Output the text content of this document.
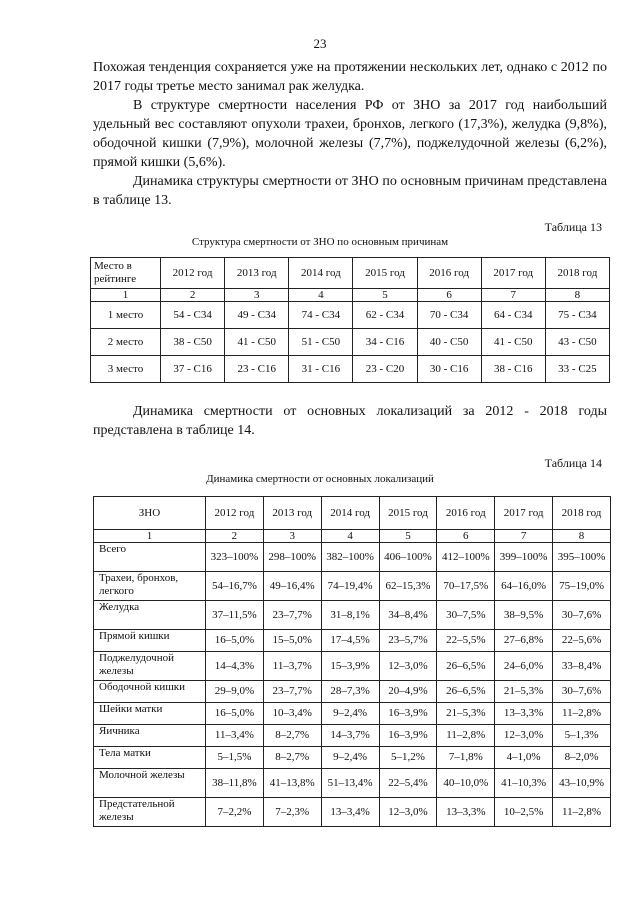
23
Похожая тенденция сохраняется уже на протяжении нескольких лет, однако с 2012 по 2017 годы третье место занимал рак желудка.
В структуре смертности населения РФ от ЗНО за 2017 год наибольший удельный вес составляют опухоли трахеи, бронхов, легкого (17,3%), желудка (9,8%), ободочной кишки (7,9%), молочной железы (7,7%), поджелудочной железы (6,2%), прямой кишки (5,6%).
Динамика структуры смертности от ЗНО по основным причинам представлена в таблице 13.
Таблица 13
Структура смертности от ЗНО по основным причинам
Место в рейтинге	2012 год	2013 год	2014 год	2015 год	2016 год	2017 год	2018 год
1	2	3	4	5	6	7	8
1 место	54 - С34	49 - С34	74 - С34	62 - С34	70 - С34	64 - С34	75 - С34
2 место	38 - С50	41 - С50	51 - С50	34 - С16	40 - С50	41 - С50	43 - С50
3 место	37 - С16	23 - С16	31 - С16	23 - С20	30 - С16	38 - С16	33 - С25
Динамика смертности от основных локализаций за 2012 - 2018 годы представлена в таблице 14.
Таблица 14
Динамика смертности от основных локализаций
ЗНО	2012 год	2013 год	2014 год	2015 год	2016 год	2017 год	2018 год
1	2	3	4	5	6	7	8
Всего	323–100%	298–100%	382–100%	406–100%	412–100%	399–100%	395–100%
Трахеи, бронхов, легкого	54–16,7%	49–16,4%	74–19,4%	62–15,3%	70–17,5%	64–16,0%	75–19,0%
Желудка	37–11,5%	23–7,7%	31–8,1%	34–8,4%	30–7,5%	38–9,5%	30–7,6%
Прямой кишки	16–5,0%	15–5,0%	17–4,5%	23–5,7%	22–5,5%	27–6,8%	22–5,6%
Поджелудочной железы	14–4,3%	11–3,7%	15–3,9%	12–3,0%	26–6,5%	24–6,0%	33–8,4%
Ободочной кишки	29–9,0%	23–7,7%	28–7,3%	20–4,9%	26–6,5%	21–5,3%	30–7,6%
Шейки матки	16–5,0%	10–3,4%	9–2,4%	16–3,9%	21–5,3%	13–3,3%	11–2,8%
Яичника	11–3,4%	8–2,7%	14–3,7%	16–3,9%	11–2,8%	12–3,0%	5–1,3%
Тела матки	5–1,5%	8–2,7%	9–2,4%	5–1,2%	7–1,8%	4–1,0%	8–2,0%
Молочной железы	38–11,8%	41–13,8%	51–13,4%	22–5,4%	40–10,0%	41–10,3%	43–10,9%
Предстательной железы	7–2,2%	7–2,3%	13–3,4%	12–3,0%	13–3,3%	10–2,5%	11–2,8%
